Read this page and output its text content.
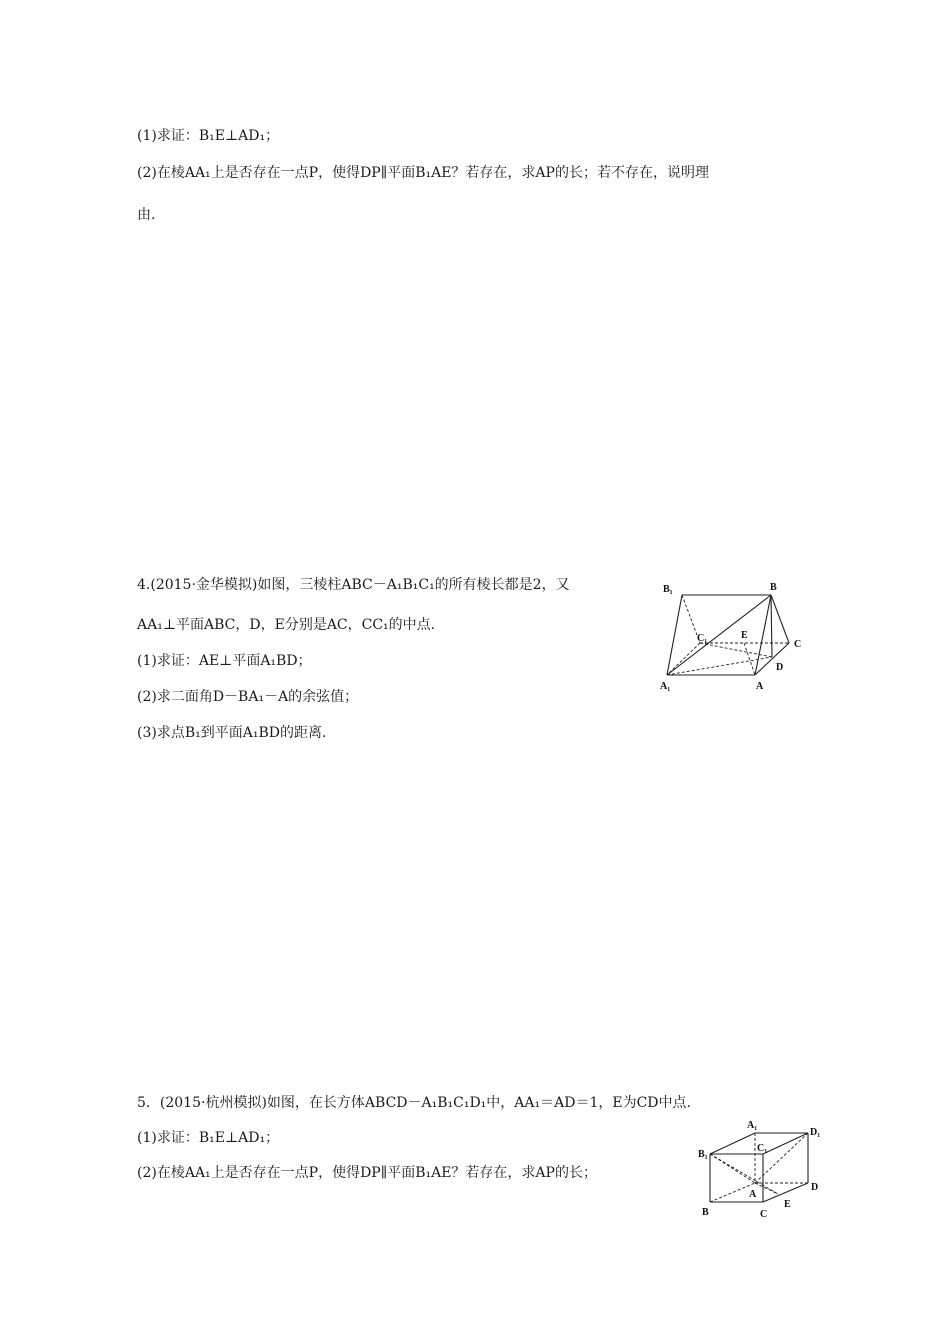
(1)求证：B₁E⊥AD₁；
(2)在棱AA₁上是否存在一点P，使得DP∥平面B₁AE？若存在，求AP的长；若不存在，说明理
由.
4.(2015·金华模拟)如图，三棱柱ABC－A₁B₁C₁的所有棱长都是2，又
AA₁⊥平面ABC，D，E分别是AC，CC₁的中点.
(1)求证：AE⊥平面A₁BD；
(2)求二面角D－BA₁－A的余弦值；
(3)求点B₁到平面A₁BD的距离.
B₁	B
C₁	E
C
D
A₁	A
5．(2015·杭州模拟)如图，在长方体ABCD－A₁B₁C₁D₁中，AA₁＝AD＝1，E为CD中点.
(1)求证：B₁E⊥AD₁；
(2)在棱AA₁上是否存在一点P，使得DP∥平面B₁AE？若存在，求AP的长；
A₁
D₁
B₁
C₁
D
A
E
B	C
